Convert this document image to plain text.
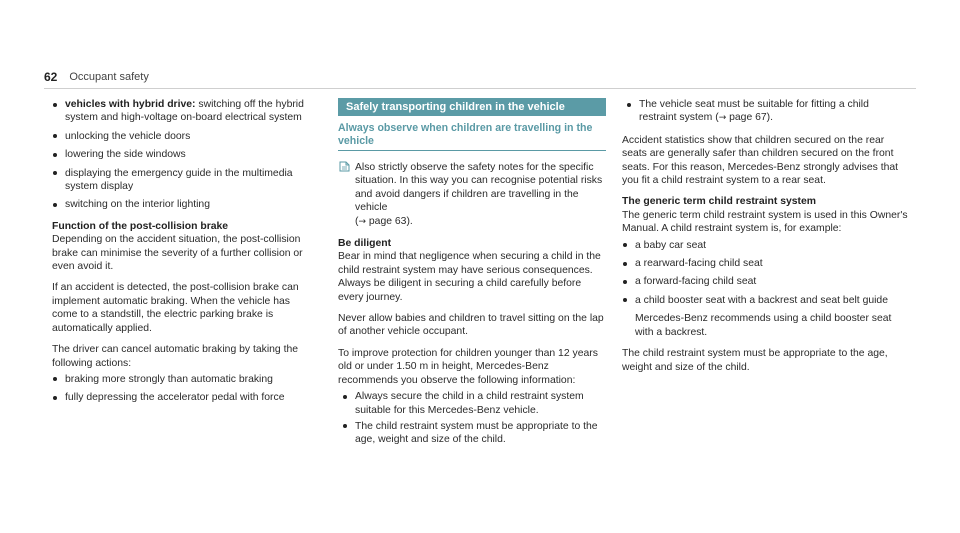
62 Occupant safety
vehicles with hybrid drive: switching off the hybrid system and high-voltage on-board electrical system
unlocking the vehicle doors
lowering the side windows
displaying the emergency guide in the multimedia system display
switching on the interior lighting
Function of the post-collision brake

Depending on the accident situation, the post-collision brake can minimise the severity of a further collision or even avoid it.

If an accident is detected, the post-collision brake can implement automatic braking. When the vehicle has come to a standstill, the electric parking brake is automatically applied.

The driver can cancel automatic braking by taking the following actions:

braking more strongly than automatic braking
fully depressing the accelerator pedal with force
Safely transporting children in the vehicle
Always observe when children are travelling in the vehicle
Also strictly observe the safety notes for the specific situation. In this way you can recognise potential risks and avoid dangers if children are travelling in the vehicle
(→ page 63).
Be diligent

Bear in mind that negligence when securing a child in the child restraint system may have serious consequences. Always be diligent in securing a child carefully before every journey.

Never allow babies and children to travel sitting on the lap of another vehicle occupant.

To improve protection for children younger than 12 years old or under 1.50 m in height, Mercedes-Benz recommends you observe the following information:

Always secure the child in a child restraint system suitable for this Mercedes-Benz vehicle.
The child restraint system must be appropriate to the age, weight and size of the child.
The vehicle seat must be suitable for fitting a child restraint system (→ page 67).

Accident statistics show that children secured on the rear seats are generally safer than children secured on the front seats. For this reason, Mercedes-Benz strongly advises that you fit a child restraint system to a rear seat.

The generic term child restraint system

The generic term child restraint system is used in this Owner's Manual. A child restraint system is, for example:

a baby car seat
a rearward-facing child seat
a forward-facing child seat
a child booster seat with a backrest and seat belt guide

Mercedes-Benz recommends using a child booster seat with a backrest.

The child restraint system must be appropriate to the age, weight and size of the child.
